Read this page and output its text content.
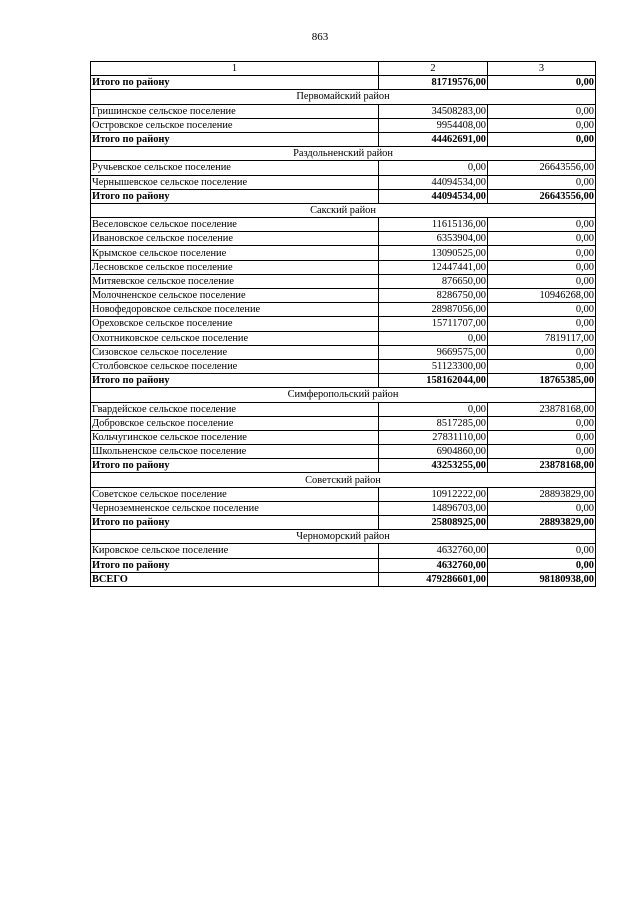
863
1	2	3
Итого по району	81719576,00	0,00
Первомайский район		
Гришинское сельское поселение	34508283,00	0,00
Островское сельское поселение	9954408,00	0,00
Итого по району	44462691,00	0,00
Раздольненский район		
Ручьевское сельское поселение	0,00	26643556,00
Чернышевское сельское поселение	44094534,00	0,00
Итого по району	44094534,00	26643556,00
Сакский район		
Веселовское сельское поселение	11615136,00	0,00
Ивановское сельское поселение	6353904,00	0,00
Крымское сельское поселение	13090525,00	0,00
Лесновское сельское поселение	12447441,00	0,00
Митяевское сельское поселение	876650,00	0,00
Молочненское сельское поселение	8286750,00	10946268,00
Новофедоровское сельское поселение	28987056,00	0,00
Ореховское сельское поселение	15711707,00	0,00
Охотниковское сельское поселение	0,00	7819117,00
Сизовское сельское поселение	9669575,00	0,00
Столбовское сельское поселение	51123300,00	0,00
Итого по району	158162044,00	18765385,00
Симферопольский район		
Гвардейское сельское поселение	0,00	23878168,00
Добровское сельское поселение	8517285,00	0,00
Кольчугинское сельское поселение	27831110,00	0,00
Школьненское сельское поселение	6904860,00	0,00
Итого по району	43253255,00	23878168,00
Советский район		
Советское сельское поселение	10912222,00	28893829,00
Черноземненское сельское поселение	14896703,00	0,00
Итого по району	25808925,00	28893829,00
Черноморский район		
Кировское сельское поселение	4632760,00	0,00
Итого по району	4632760,00	0,00
ВСЕГО	479286601,00	98180938,00
